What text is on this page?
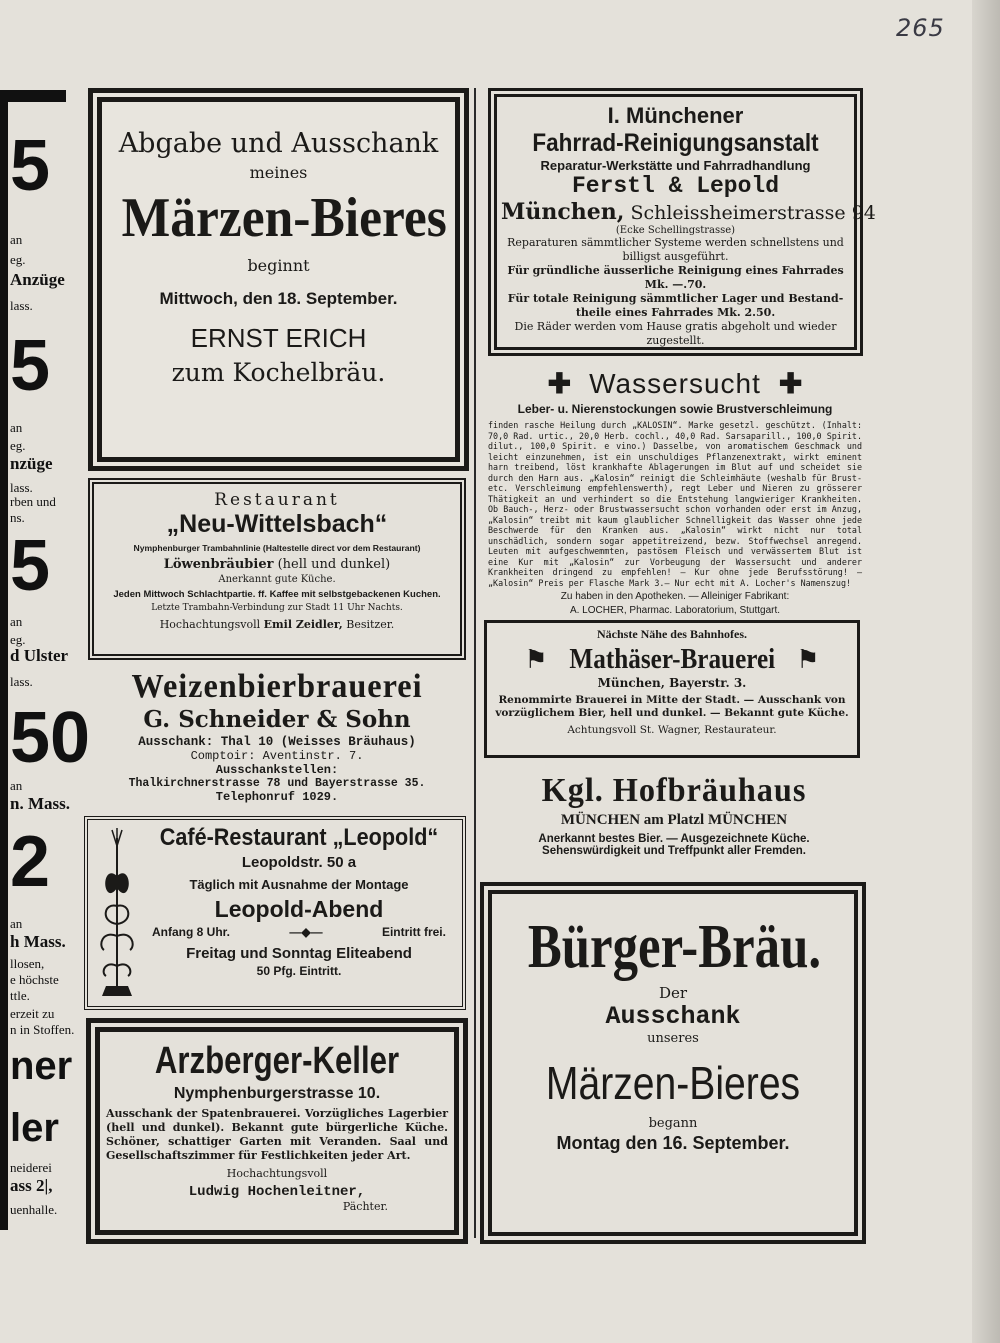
265
5
an
eg.
Anzüge
lass.
5
an
eg.
nzüge
lass.
rben und
ns.
5
an
eg.
d Ulster
lass.
50
an
n. Mass.
2
an
h Mass.
llosen,
e höchste
ttle.
erzeit zu
n in Stoffen.
ner
ler
neiderei
ass 2|,
uenhalle.
Abgabe und Ausschank
meines
Märzen-Bieres
beginnt
Mittwoch, den 18. September.
ERNST ERICH
zum Kochelbräu.
I. Münchener
Fahrrad-Reinigungsanstalt
Reparatur-Werkstätte und Fahrradhandlung
Ferstl & Lepold
München, Schleissheimerstrasse 94
(Ecke Schellingstrasse)
Reparaturen sämmtlicher Systeme werden schnellstens und
billigst ausgeführt.
Für gründliche äusserliche Reinigung eines Fahrrades
Mk. —.70.
Für totale Reinigung sämmtlicher Lager und Bestand-
theile eines Fahrrades Mk. 2.50.
Die Räder werden vom Hause gratis abgeholt und wieder
zugestellt.
✚ Wassersucht ✚
Leber- u. Nierenstockungen sowie Brustverschleimung
finden rasche Heilung durch „KALOSIN“. Marke gesetzl. geschützt. (Inhalt: 70,0 Rad. urtic., 20,0 Herb. cochl., 40,0 Rad. Sarsaparill., 100,0 Spirit. dilut., 100,0 Spirit. e vino.) Dasselbe, von aromatischem Geschmack und leicht einzunehmen, ist ein unschuldiges Pflanzenextrakt, wirkt eminent harn treibend, löst krankhafte Ablagerungen im Blut auf und scheidet sie durch den Harn aus. „Kalosin“ reinigt die Schleimhäute (weshalb für Brust- etc. Verschleimung empfehlenswerth), regt Leber und Nieren zu grösserer Thätigkeit an und verhindert so die Entstehung langwieriger Krankheiten. Ob Bauch-, Herz- oder Brustwassersucht schon vorhanden oder erst im Anzug, „Kalosin“ treibt mit kaum glaublicher Schnelligkeit das Wasser ohne jede Beschwerde für den Kranken aus. „Kalosin“ wirkt nicht nur total unschädlich, sondern sogar appetitreizend, bezw. Stoffwechsel anregend. Leuten mit aufgeschwemmten, pastösem Fleisch und verwässertem Blut ist eine Kur mit „Kalosin“ zur Vorbeugung der Wassersucht und anderer Krankheiten dringend zu empfehlen! — Kur ohne jede Berufsstörung! — „Kalosin“ Preis per Flasche Mark 3.— Nur echt mit A. Locher's Namenszug!
Zu haben in den Apotheken. — Alleiniger Fabrikant:
A. LOCHER, Pharmac. Laboratorium, Stuttgart.
Restaurant
„Neu-Wittelsbach“
Nymphenburger Trambahnlinie (Haltestelle direct vor dem Restaurant)
Löwenbräubier (hell und dunkel)
Anerkannt gute Küche.
Jeden Mittwoch Schlachtpartie. ff. Kaffee mit selbstgebackenen Kuchen.
Letzte Trambahn-Verbindung zur Stadt 11 Uhr Nachts.
Hochachtungsvoll Emil Zeidler, Besitzer.
Weizenbierbrauerei
G. Schneider & Sohn
Ausschank: Thal 10 (Weisses Bräuhaus)
Comptoir: Aventinstr. 7.
Ausschankstellen:
Thalkirchnerstrasse 78 und Bayerstrasse 35.
Telephonruf 1029.
Café-Restaurant „Leopold“
Leopoldstr. 50 a
Täglich mit Ausnahme der Montage
Leopold-Abend
Anfang 8 Uhr.	—◆—	Eintritt frei.
Freitag und Sonntag Eliteabend
50 Pfg. Eintritt.
Arzberger-Keller
Nymphenburgerstrasse 10.
Ausschank der Spatenbrauerei. Vorzügliches Lagerbier (hell und dunkel). Bekannt gute bürgerliche Küche. Schöner, schattiger Garten mit Veranden. Saal und Gesellschaftszimmer für Festlichkeiten jeder Art.
Hochachtungsvoll
Ludwig Hochenleitner,
Pächter.
Nächste Nähe des Bahnhofes.
⚑ Mathäser-Brauerei ⚑
München, Bayerstr. 3.
Renommirte Brauerei in Mitte der Stadt. — Ausschank von vorzüglichem Bier, hell und dunkel. — Bekannt gute Küche.
Achtungsvoll St. Wagner, Restaurateur.
Kgl. Hofbräuhaus
MÜNCHEN am Platzl MÜNCHEN
Anerkannt bestes Bier. — Ausgezeichnete Küche.
Sehenswürdigkeit und Treffpunkt aller Fremden.
Bürger-Bräu.
Der
Ausschank
unseres
Märzen-Bieres
begann
Montag den 16. September.
